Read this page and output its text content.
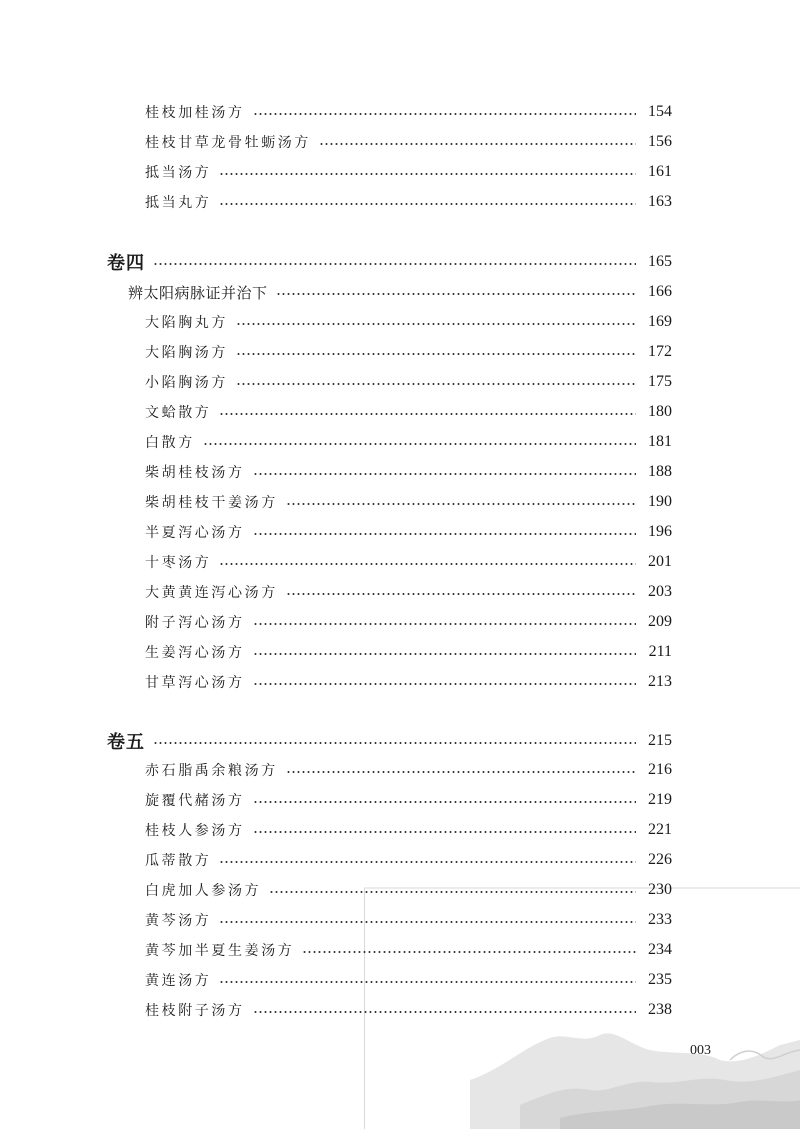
桂枝加桂汤方	154
桂枝甘草龙骨牡蛎汤方	156
抵当汤方	161
抵当丸方	163
卷四	165
辨太阳病脉证并治下	166
大陷胸丸方	169
大陷胸汤方	172
小陷胸汤方	175
文蛤散方	180
白散方	181
柴胡桂枝汤方	188
柴胡桂枝干姜汤方	190
半夏泻心汤方	196
十枣汤方	201
大黄黄连泻心汤方	203
附子泻心汤方	209
生姜泻心汤方	211
甘草泻心汤方	213
卷五	215
赤石脂禹余粮汤方	216
旋覆代赭汤方	219
桂枝人参汤方	221
瓜蒂散方	226
白虎加人参汤方	230
黄芩汤方	233
黄芩加半夏生姜汤方	234
黄连汤方	235
桂枝附子汤方	238
003
